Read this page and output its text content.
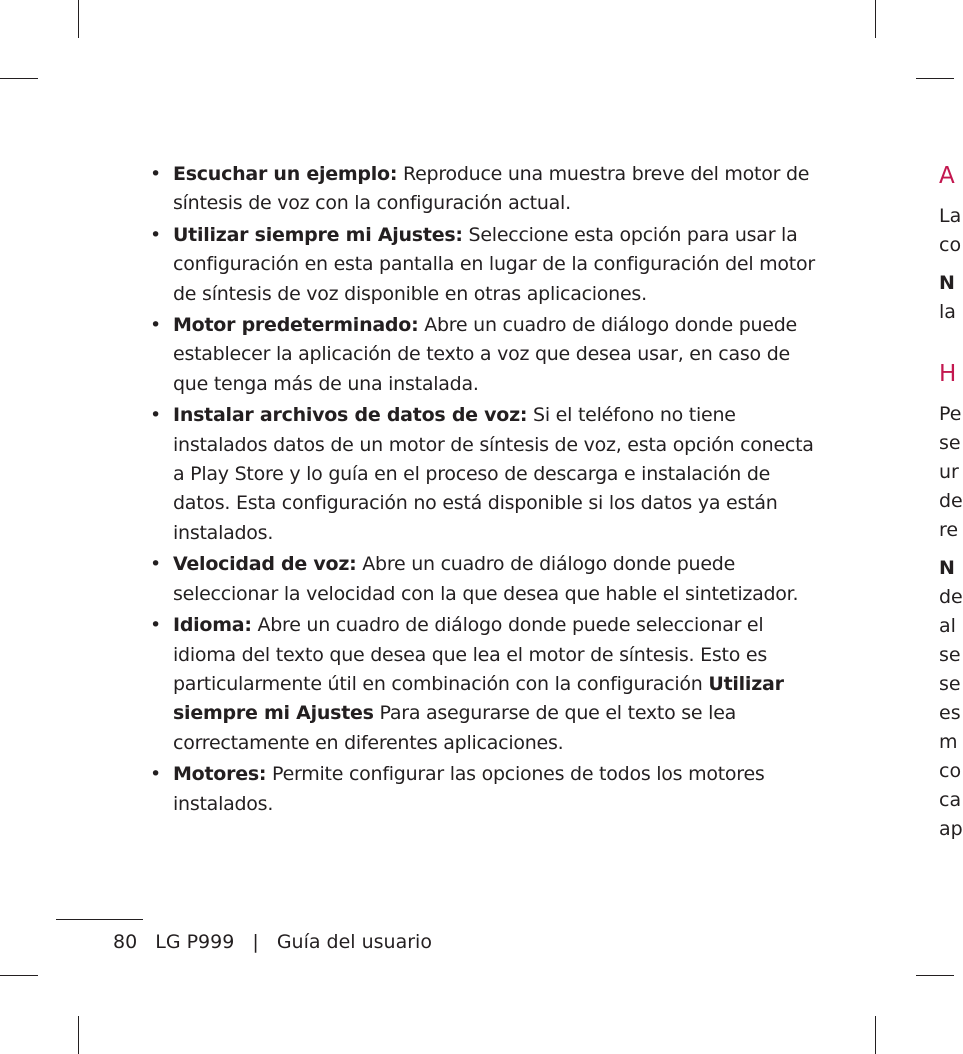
• Escuchar un ejemplo: Reproduce una muestra breve del motor de síntesis de voz con la configuración actual.
• Utilizar siempre mi Ajustes: Seleccione esta opción para usar la configuración en esta pantalla en lugar de la configuración del motor de síntesis de voz disponible en otras aplicaciones.
• Motor predeterminado: Abre un cuadro de diálogo donde puede establecer la aplicación de texto a voz que desea usar, en caso de que tenga más de una instalada.
• Instalar archivos de datos de voz: Si el teléfono no tiene instalados datos de un motor de síntesis de voz, esta opción conecta a Play Store y lo guía en el proceso de descarga e instalación de datos. Esta configuración no está disponible si los datos ya están instalados.
• Velocidad de voz: Abre un cuadro de diálogo donde puede seleccionar la velocidad con la que desea que hable el sintetizador.
• Idioma: Abre un cuadro de diálogo donde puede seleccionar el idioma del texto que desea que lea el motor de síntesis. Esto es particularmente útil en combinación con la configuración Utilizar siempre mi Ajustes Para asegurarse de que el texto se lea correctamente en diferentes aplicaciones.
• Motores: Permite configurar las opciones de todos los motores instalados.
A
La
co
N
la
H
Pe
se
ur
de
re
N
de
al
se
se
es
m
co
ca
ap
80 LG P999 | Guía del usuario
